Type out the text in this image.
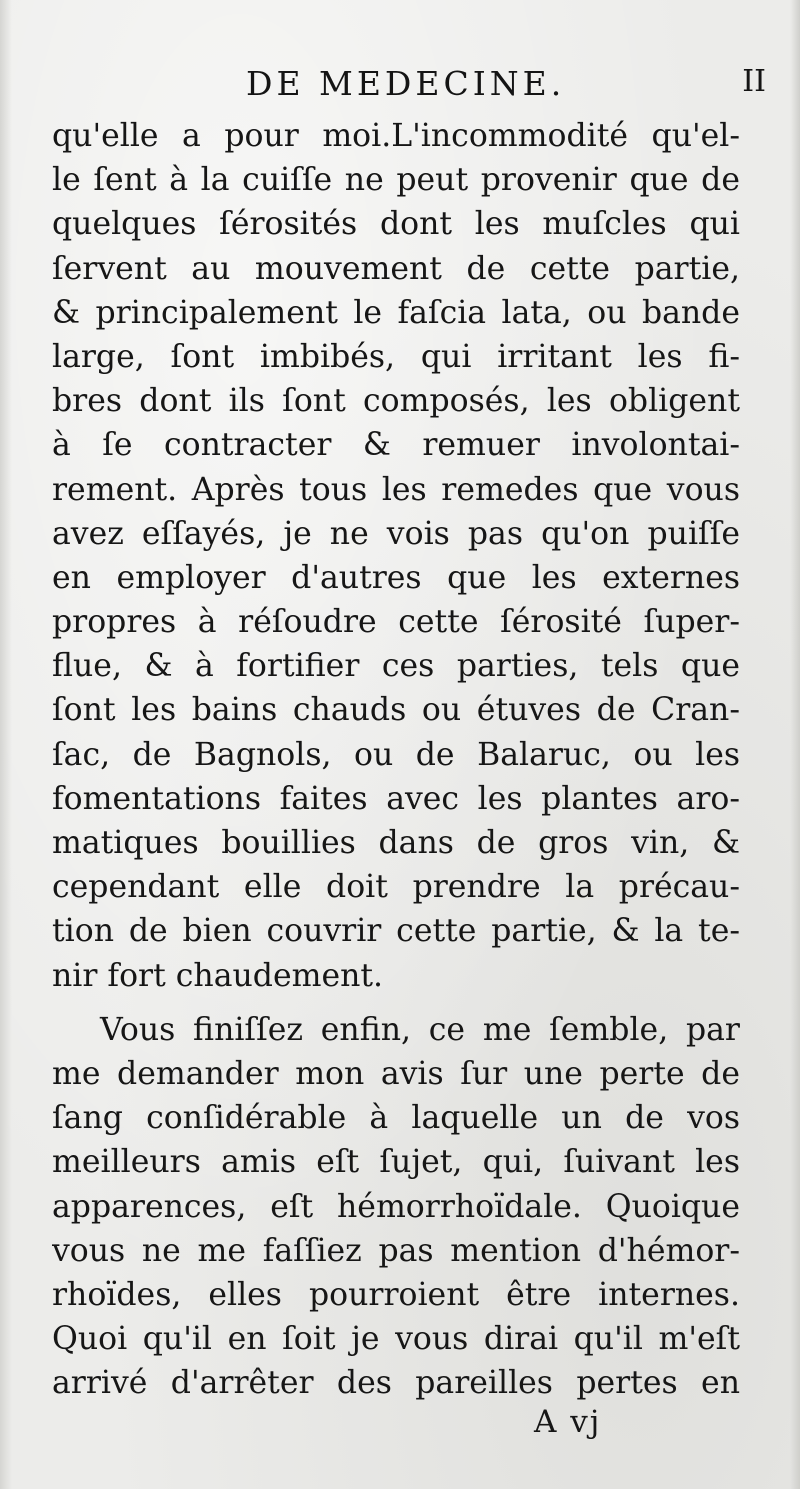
DE MEDECINE.	II
qu'elle a pour moi.L'incommodité qu'el-
le ſent à la cuiſſe ne peut provenir que de
quelques ſérosités dont les muſcles qui
ſervent au mouvement de cette partie,
& principalement le faſcia lata, ou bande
large, ſont imbibés, qui irritant les fi-
bres dont ils ſont composés, les obligent
à ſe contracter & remuer involontai-
rement. Après tous les remedes que vous
avez eſſayés, je ne vois pas qu'on puiſſe
en employer d'autres que les externes
propres à réſoudre cette ſérosité ſuper-
flue, & à fortifier ces parties, tels que
ſont les bains chauds ou étuves de Cran-
ſac, de Bagnols, ou de Balaruc, ou les
fomentations faites avec les plantes aro-
matiques bouillies dans de gros vin, &
cependant elle doit prendre la précau-
tion de bien couvrir cette partie, & la te-
nir fort chaudement.
Vous finiſſez enfin, ce me ſemble, par
me demander mon avis ſur une perte de
ſang conſidérable à laquelle un de vos
meilleurs amis eſt ſujet, qui, ſuivant les
apparences, eſt hémorrhoïdale. Quoique
vous ne me faſſiez pas mention d'hémor-
rhoïdes, elles pourroient être internes.
Quoi qu'il en ſoit je vous dirai qu'il m'eſt
arrivé d'arrêter des pareilles pertes en
A vj
